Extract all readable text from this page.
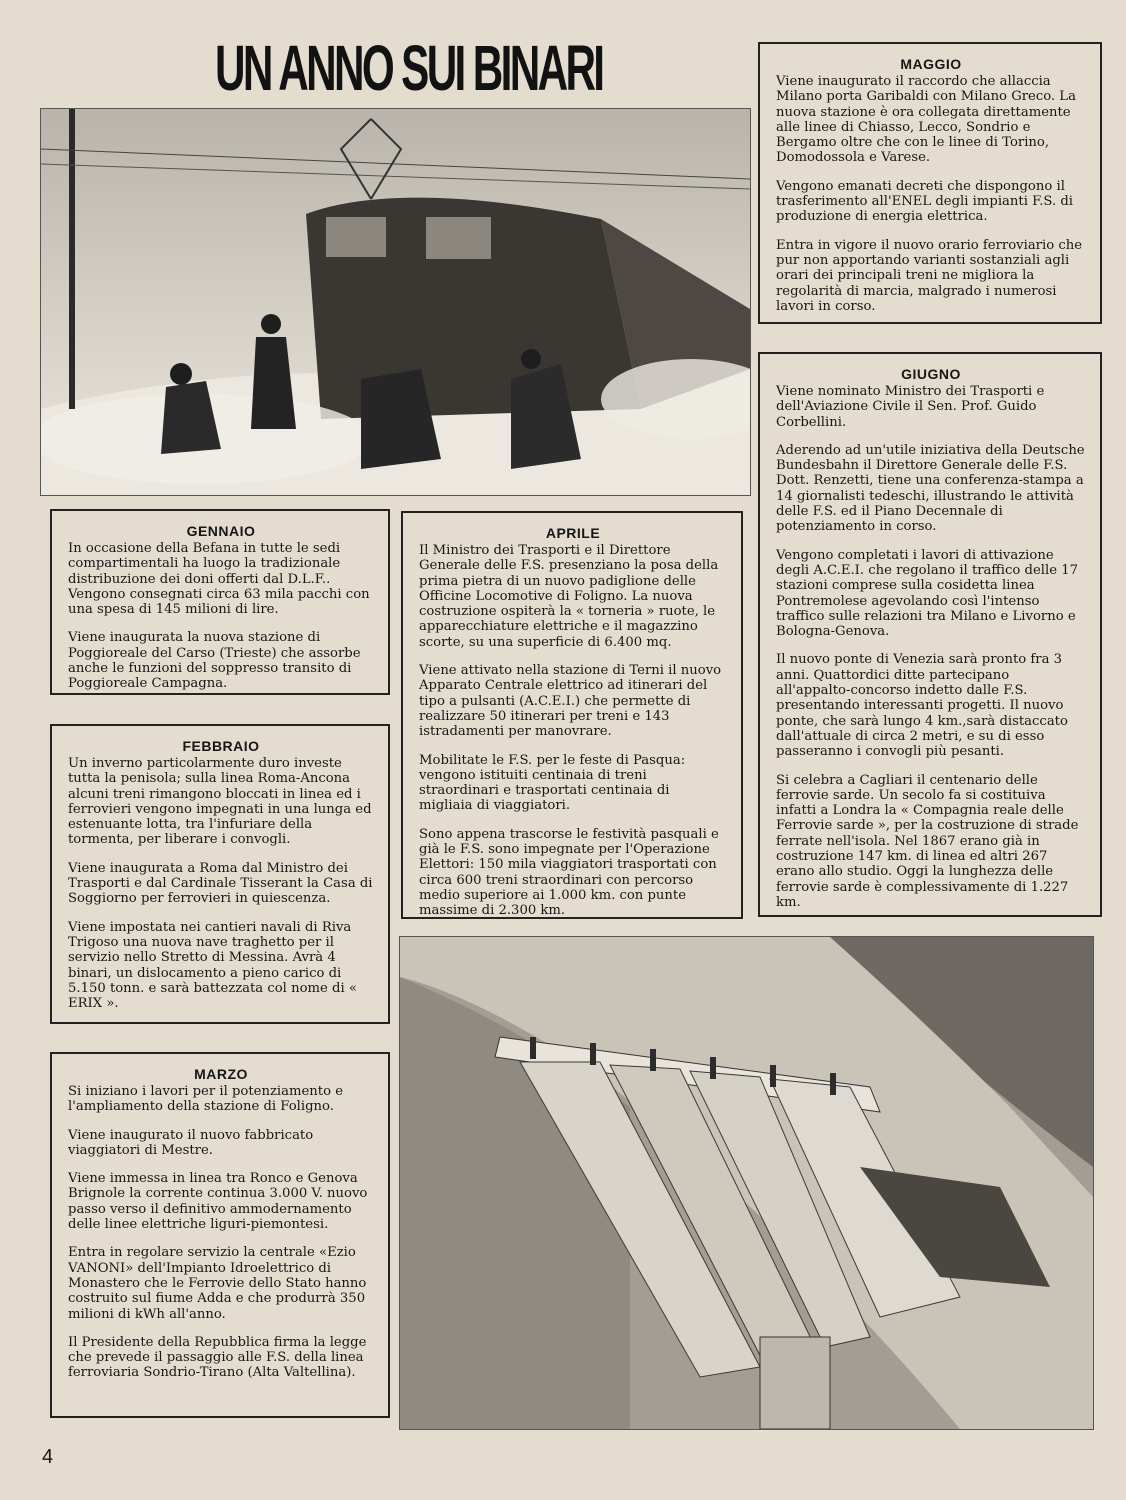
UN ANNO SUI BINARI	MAGGIO

Viene inaugurato il raccordo che allaccia Milano porta Garibaldi con Milano Greco. La nuova stazione è ora collegata direttamente alle linee di Chiasso, Lecco, Sondrio e Bergamo oltre che con le linee di Torino, Domodossola e Varese.

Vengono emanati decreti che dispongono il trasferimento all'ENEL degli impianti F.S. di produzione di energia elettrica.

Entra in vigore il nuovo orario ferroviario che pur non apportando varianti sostanziali agli orari dei principali treni ne migliora la regolarità di marcia, malgrado i numerosi lavori in corso.

GIUGNO

Viene nominato Ministro dei Trasporti e dell'Aviazione Civile il Sen. Prof. Guido Corbellini.

Aderendo ad un'utile iniziativa della Deutsche Bundesbahn il Direttore Generale delle F.S. Dott. Renzetti, tiene una conferenza-stampa a 14 giornalisti tedeschi, illustrando le attività delle F.S. ed il Piano Decennale di potenziamento in corso.

Vengono completati i lavori di attivazione degli A.C.E.I. che regolano il traffico delle 17 stazioni comprese sulla cosidetta linea Pontremolese agevolando così l'intenso traffico sulle relazioni tra Milano e Livorno e Bologna-Genova.

Il nuovo ponte di Venezia sarà pronto fra 3 anni. Quattordici ditte partecipano all'appalto-concorso indetto dalle F.S. presentando interessanti progetti. Il nuovo ponte, che sarà lungo 4 km.,sarà distaccato dall'attuale di circa 2 metri, e su di esso passeranno i convogli più pesanti.

Si celebra a Cagliari il centenario delle ferrovie sarde. Un secolo fa si costituiva infatti a Londra la « Compagnia reale delle Ferrovie sarde », per la costruzione di strade ferrate nell'isola. Nel 1867 erano già in costruzione 147 km. di linea ed altri 267 erano allo studio. Oggi la lunghezza delle ferrovie sarde è complessivamente di 1.227 km.

GENNAIO

In occasione della Befana in tutte le sedi compartimentali ha luogo la tradizionale distribuzione dei doni offerti dal D.L.F.. Vengono consegnati circa 63 mila pacchi con una spesa di 145 milioni di lire.

Viene inaugurata la nuova stazione di Poggioreale del Carso (Trieste) che assorbe anche le funzioni del soppresso transito di Poggioreale Campagna.

APRILE

Il Ministro dei Trasporti e il Direttore Generale delle F.S. presenziano la posa della prima pietra di un nuovo padiglione delle Officine Locomotive di Foligno. La nuova costruzione ospiterà la « torneria » ruote, le apparecchiature elettriche e il magazzino scorte, su una superficie di 6.400 mq.

Viene attivato nella stazione di Terni il nuovo Apparato Centrale elettrico ad itinerari del tipo a pulsanti (A.C.E.I.) che permette di realizzare 50 itinerari per treni e 143 istradamenti per manovrare.

Mobilitate le F.S. per le feste di Pasqua: vengono istituiti centinaia di treni straordinari e trasportati centinaia di migliaia di viaggiatori.

Sono appena trascorse le festività pasquali e già le F.S. sono impegnate per l'Operazione Elettori: 150 mila viaggiatori trasportati con circa 600 treni straordinari con percorso medio superiore ai 1.000 km. con punte massime di 2.300 km.

FEBBRAIO

Un inverno particolarmente duro investe tutta la penisola; sulla linea Roma-Ancona alcuni treni rimangono bloccati in linea ed i ferrovieri vengono impegnati in una lunga ed estenuante lotta, tra l'infuriare della tormenta, per liberare i convogli.

Viene inaugurata a Roma dal Ministro dei Trasporti e dal Cardinale Tisserant la Casa di Soggiorno per ferrovieri in quiescenza.

Viene impostata nei cantieri navali di Riva Trigoso una nuova nave traghetto per il servizio nello Stretto di Messina. Avrà 4 binari, un dislocamento a pieno carico di 5.150 tonn. e sarà battezzata col nome di « ERIX ».

MARZO

Si iniziano i lavori per il potenziamento e l'ampliamento della stazione di Foligno.

Viene inaugurato il nuovo fabbricato viaggiatori di Mestre.

Viene immessa in linea tra Ronco e Genova Brignole la corrente continua 3.000 V. nuovo passo verso il definitivo ammodernamento delle linee elettriche liguri-piemontesi.

Entra in regolare servizio la centrale «Ezio VANONI» dell'Impianto Idroelettrico di Monastero che le Ferrovie dello Stato hanno costruito sul fiume Adda e che produrrà 350 milioni di kWh all'anno.

Il Presidente della Repubblica firma la legge che prevede il passaggio alle F.S. della linea ferroviaria Sondrio-Tirano (Alta Valtellina).

4
